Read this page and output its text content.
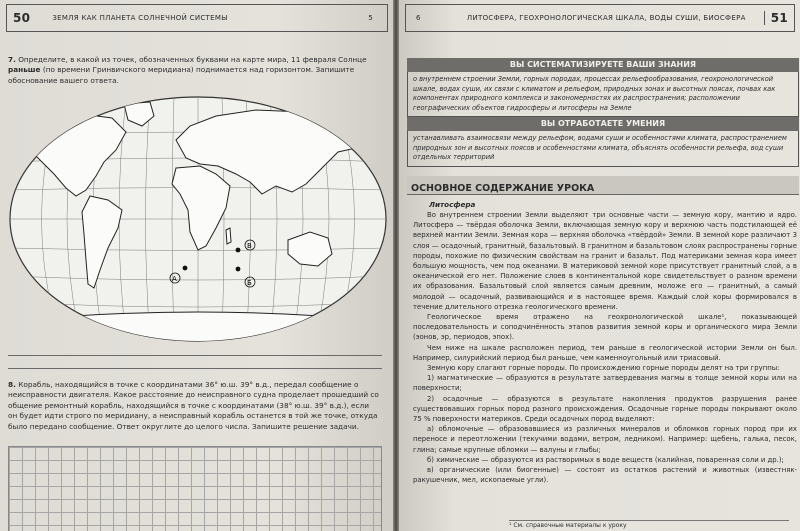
50	ЗЕМЛЯ КАК ПЛАНЕТА СОЛНЕЧНОЙ СИСТЕМЫ	5
7. Определите, в какой из точек, обозначенных буквами на карте мира, 11 февраля Солнце раньше (по времени Гринвичского меридиана) поднимается над горизонтом. Запишите обоснование вашего ответа.
А	Б
В
8. Корабль, находящийся в точке с координатами 36° ю.ш. 39° в.д., передал сообщение о неисправности двигателя. Какое расстояние до неисправного судна проделает прошедший со общение ремонтный корабль, находящийся в точке с координатами (38° ю.ш. 39° в.д.), если он будет идти строго по меридиану, а неисправный корабль останется в той же точке, откуда было передано сообщение. Ответ округлите до целого числа. Запишите решение задачи.
6	ЛИТОСФЕРА, ГЕОХРОНОЛОГИЧЕСКАЯ ШКАЛА, ВОДЫ СУШИ, БИОСФЕРА	51
ВЫ СИСТЕМАТИЗИРУЕТЕ ВАШИ ЗНАНИЯ
о внутреннем строении Земли, горных породах, процессах рельефообразования, геохронологической шкале, водах суши, их связи с климатом и рельефом, природных зонах и высотных поясах, почвах как компонентах природного комплекса и закономерностях их распространения; расположении географических объектов гидросферы и литосферы на Земле
ВЫ ОТРАБОТАЕТЕ УМЕНИЯ
устанавливать взаимосвязи между рельефом, водами суши и особенностями климата, распространением природных зон и высотных поясов и особенностями климата, объяснять особенности рельефа, вод суши отдельных территорий
ОСНОВНОЕ СОДЕРЖАНИЕ УРОКА
Литосфера
Во внутреннем строении Земли выделяют три основные части — земную кору, мантию и ядро. Литосфера — твёрдая оболочка Земли, включающая земную кору и верхнюю часть подстилающей её верхней мантии Земли. Земная кора — верхняя оболочка «твёрдой» Земли. В земной коре различают 3 слоя — осадочный, гранитный, базальтовый. В гранитном и базальтовом слоях распространены горные породы, похожие по физическим свойствам на гранит и базальт. Под материками земная кора имеет большую мощность, чем под океанами. В материковой земной коре присутствует гранитный слой, а в океанической его нет. Положение слоев в континентальной коре свидетельствует о разном времени их образования. Базальтовый слой является самым древним, моложе его — гранитный, а самый молодой — осадочный, развивающийся и в настоящее время. Каждый слой коры формировался в течение длительного отрезка геологического времени.
Геологическое время отражено на геохронологической шкале¹, показывающей последовательность и соподчинённость этапов развития земной коры и органического мира Земли (эонов, эр, периодов, эпох).
Чем ниже на шкале расположен период, тем раньше в геологической истории Земли он был. Например, силурийский период был раньше, чем каменноугольный или триасовый.
Земную кору слагают горные породы. По происхождению горные породы делят на три группы:
1) магматические — образуются в результате затвердевания магмы в толще земной коры или на поверхности;
2) осадочные — образуются в результате накопления продуктов разрушения ранее существовавших горных пород разного происхождения. Осадочные горные породы покрывают около 75 % поверхности материков. Среди осадочных пород выделяют:
а) обломочные — образовавшиеся из различных минералов и обломков горных пород при их переносе и переотложении (текучими водами, ветром, ледником). Например: щебень, галька, песок, глина; самые крупные обломки — валуны и глыбы;
б) химические — образуются из растворимых в воде веществ (калийная, поваренная соли и др.);
в) органические (или биогенные) — состоят из остатков растений и животных (известняк-ракушечник, мел, ископаемые угли).
¹ См. справочные материалы к уроку
